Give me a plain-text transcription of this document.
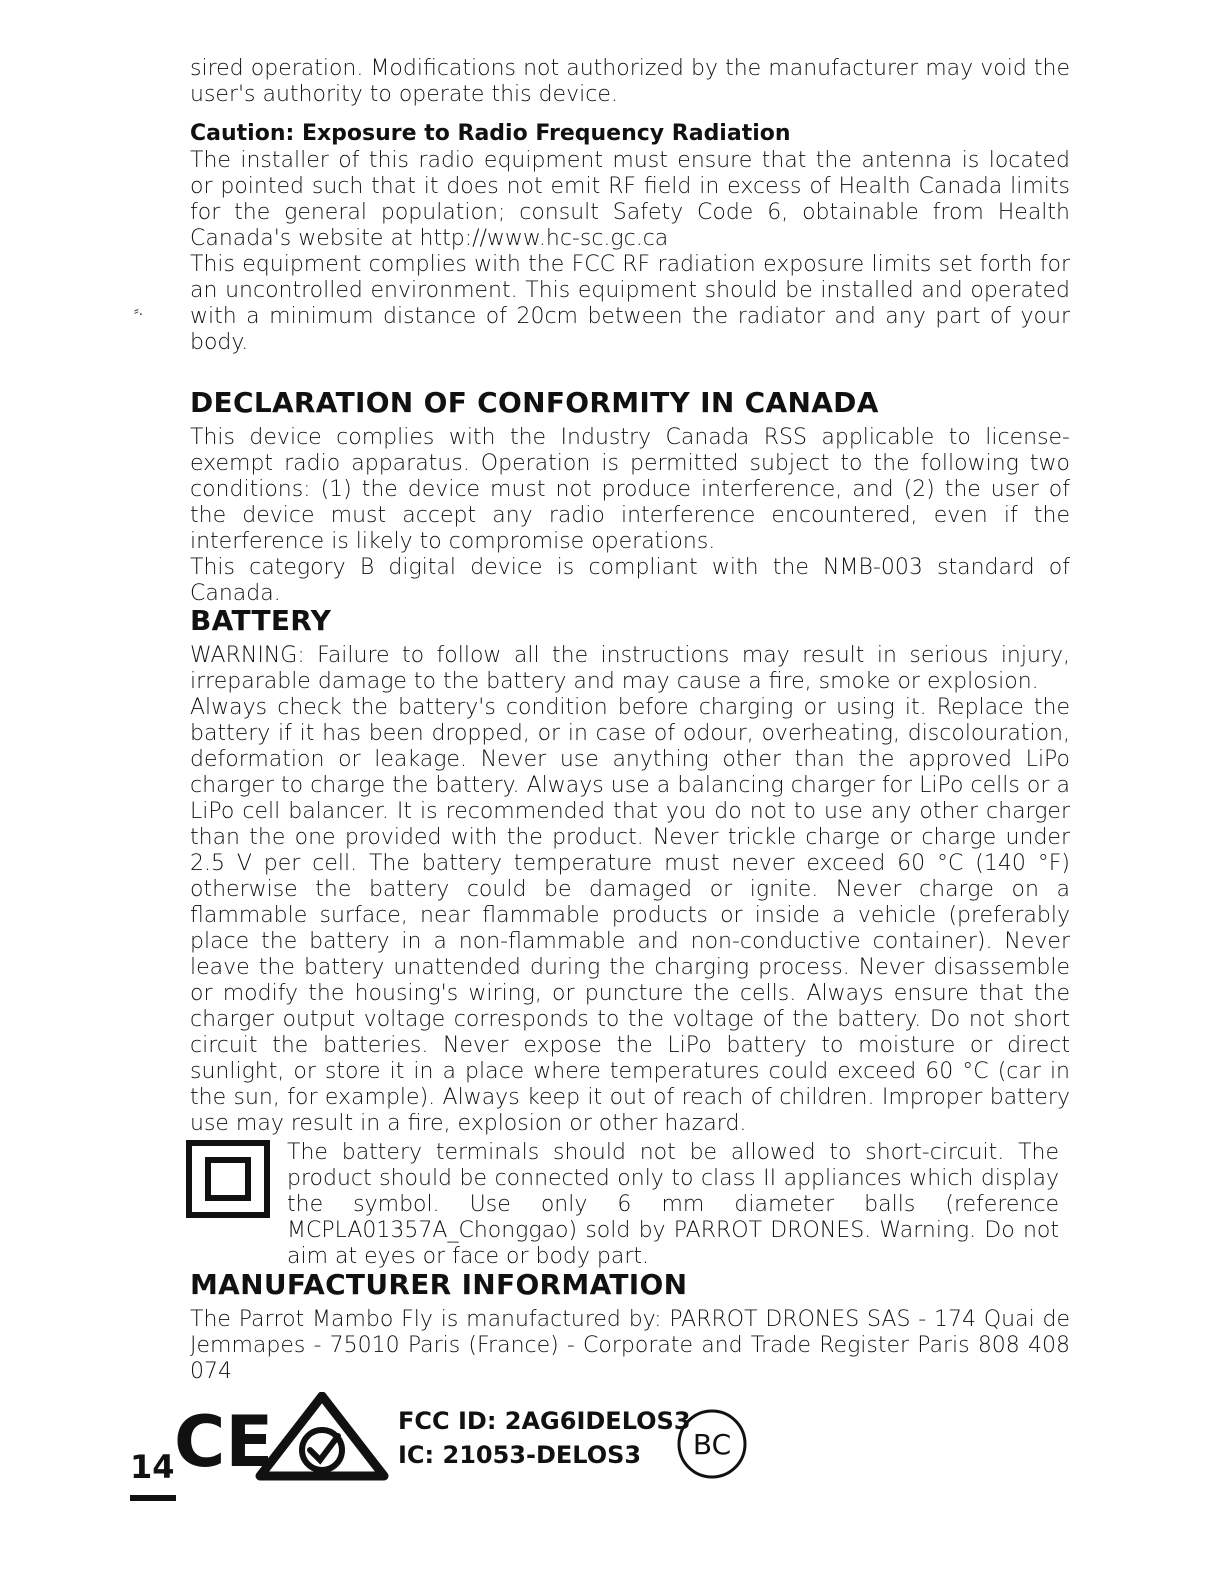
sired operation. Modifications not authorized by the manufacturer may void the user's authority to operate this device.

Caution: Exposure to Radio Frequency Radiation

The installer of this radio equipment must ensure that the antenna is located or pointed such that it does not emit RF field in excess of Health Canada limits for the general population; consult Safety Code 6, obtainable from Health Canada's website at http://www.hc-sc.gc.ca

This equipment complies with the FCC RF radiation exposure limits set forth for an uncontrolled environment. This equipment should be installed and operated with a minimum distance of 20cm between the radiator and any part of your body.

⸗.
DECLARATION OF CONFORMITY IN CANADA

This device complies with the Industry Canada RSS applicable to license-exempt radio apparatus. Operation is permitted subject to the following two conditions: (1) the device must not produce interference, and (2) the user of the device must accept any radio interference encountered, even if the interference is likely to compromise operations.

This category B digital device is compliant with the NMB-003 standard of Canada.

BATTERY

WARNING: Failure to follow all the instructions may result in serious injury, irreparable damage to the battery and may cause a fire, smoke or explosion.

Always check the battery's condition before charging or using it. Replace the battery if it has been dropped, or in case of odour, overheating, discolouration, deformation or leakage. Never use anything other than the approved LiPo charger to charge the battery. Always use a balancing charger for LiPo cells or a LiPo cell balancer. It is recommended that you do not to use any other charger than the one provided with the product. Never trickle charge or charge under 2.5 V per cell. The battery temperature must never exceed 60 °C (140 °F) otherwise the battery could be damaged or ignite. Never charge on a flammable surface, near flammable products or inside a vehicle (preferably place the battery in a non-flammable and non-conductive container). Never leave the battery unattended during the charging process. Never disassemble or modify the housing's wiring, or puncture the cells. Always ensure that the charger output voltage corresponds to the voltage of the battery. Do not short circuit the batteries. Never expose the LiPo battery to moisture or direct sunlight, or store it in a place where temperatures could exceed 60 °C (car in the sun, for example). Always keep it out of reach of children. Improper battery use may result in a fire, explosion or other hazard.

The battery terminals should not be allowed to short-circuit. The product should be connected only to class II appliances which display the symbol. Use only 6 mm diameter balls (reference MCPLA01357A_Chonggao) sold by PARROT DRONES. Warning. Do not aim at eyes or face or body part.

MANUFACTURER INFORMATION

The Parrot Mambo Fly is manufactured by: PARROT DRONES SAS - 174 Quai de Jemmapes - 75010 Paris (France) - Corporate and Trade Register Paris 808 408 074

14 CE	FCC ID: 2AG6IDELOS3
IC: 21053-DELOS3	BC
